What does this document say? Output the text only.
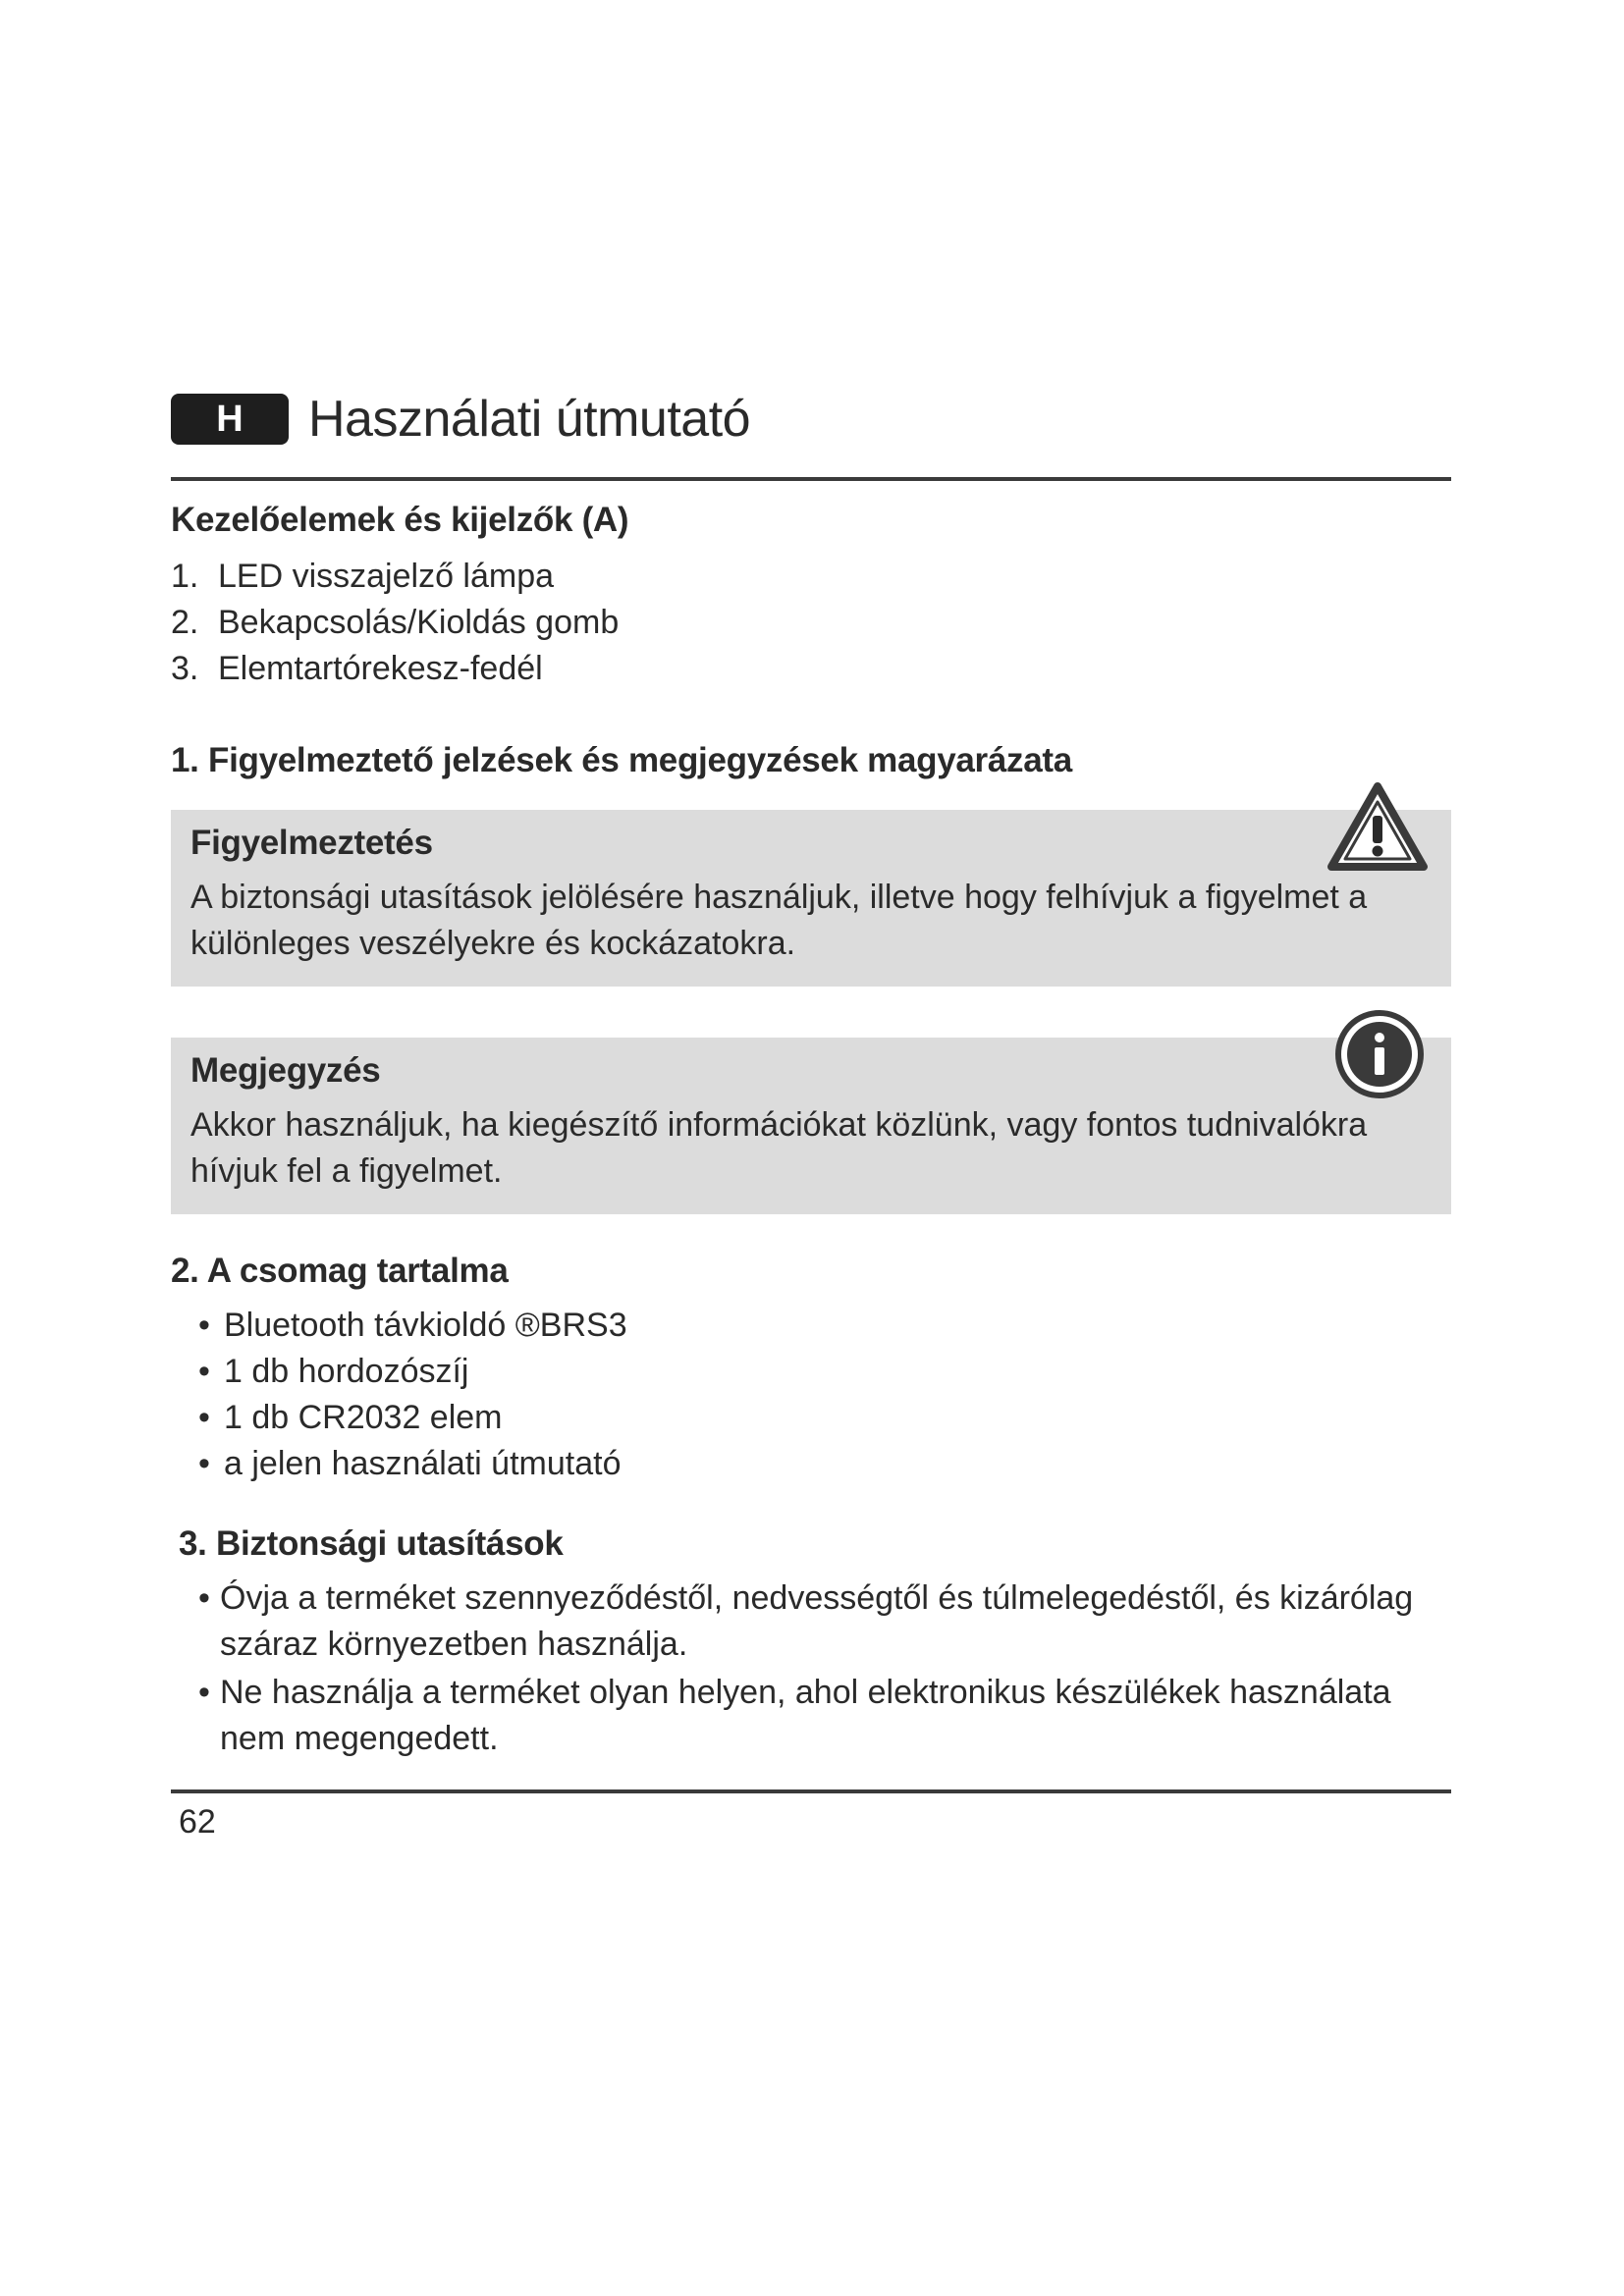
H	Használati útmutató
Kezelőelemek és kijelzők (A)
1. LED visszajelző lámpa
2. Bekapcsolás/Kioldás gomb
3. Elemtartórekesz-fedél
1. Figyelmeztető jelzések és megjegyzések magyarázata

Figyelmeztetés

A biztonsági utasítások jelölésére használjuk, illetve hogy felhívjuk a figyelmet a különleges veszélyekre és kockázatokra.

Megjegyzés

Akkor használjuk, ha kiegészítő információkat közlünk, vagy fontos tudnivalókra hívjuk fel a figyelmet.

2. A csomag tartalma
• Bluetooth távkioldó ®BRS3
• 1 db hordozószíj
• 1 db CR2032 elem
• a jelen használati útmutató
3. Biztonsági utasítások
• Óvja a terméket szennyeződéstől, nedvességtől és túlmelegedéstől, és kizárólag száraz környezetben használja.
• Ne használja a terméket olyan helyen, ahol elektronikus készülékek használata nem megengedett.
62
